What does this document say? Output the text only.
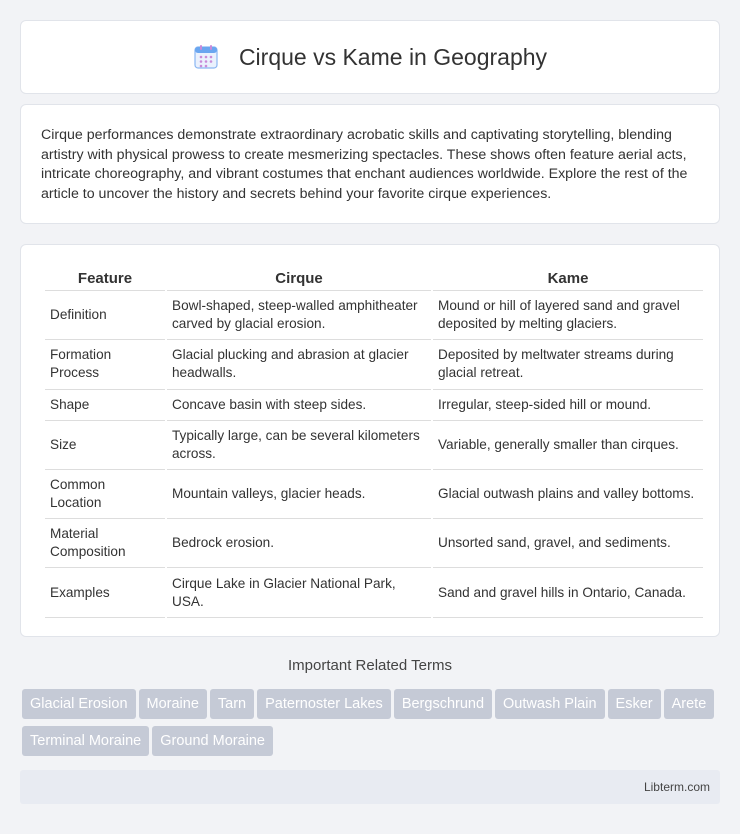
Cirque vs Kame in Geography

Cirque performances demonstrate extraordinary acrobatic skills and captivating storytelling, blending artistry with physical prowess to create mesmerizing spectacles. These shows often feature aerial acts, intricate choreography, and vibrant costumes that enchant audiences worldwide. Explore the rest of the article to uncover the history and secrets behind your favorite cirque experiences.

Feature	Cirque	Kame
Definition	Bowl-shaped, steep-walled amphitheater carved by glacial erosion.	Mound or hill of layered sand and gravel deposited by melting glaciers.
Formation Process	Glacial plucking and abrasion at glacier headwalls.	Deposited by meltwater streams during glacial retreat.
Shape	Concave basin with steep sides.	Irregular, steep-sided hill or mound.
Size	Typically large, can be several kilometers across.	Variable, generally smaller than cirques.
Common Location	Mountain valleys, glacier heads.	Glacial outwash plains and valley bottoms.
Material Composition	Bedrock erosion.	Unsorted sand, gravel, and sediments.
Examples	Cirque Lake in Glacier National Park, USA.	Sand and gravel hills in Ontario, Canada.
Important Related Terms
Glacial Erosion Moraine Tarn Paternoster Lakes Bergschrund Outwash Plain Esker AreteTerminal Moraine Ground Moraine
Libterm.com
